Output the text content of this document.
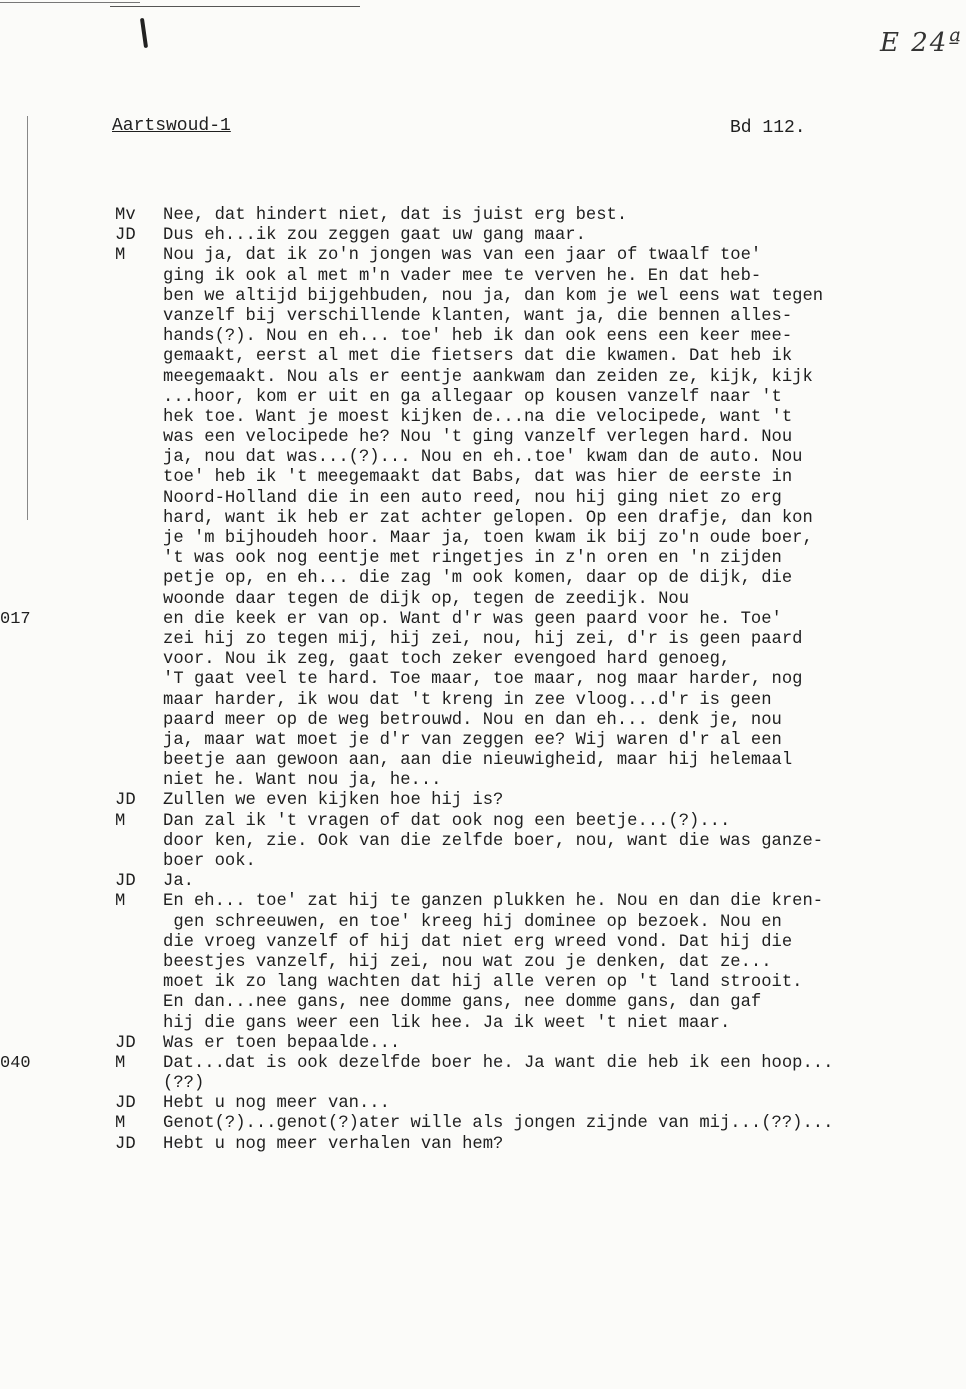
E 24ª
Aartswoud-1	Bd 112.
Mv	Nee, dat hindert niet, dat is juist erg best.
JD	Dus eh...ik zou zeggen gaat uw gang maar.
M	Nou ja, dat ik zo'n jongen was van een jaar of twaalf toe'
ging ik ook al met m'n vader mee te verven he. En dat heb-
ben we altijd bijgehbuden, nou ja, dan kom je wel eens wat tegen
vanzelf bij verschillende klanten, want ja, die bennen alles-
hands(?). Nou en eh... toe' heb ik dan ook eens een keer mee-
gemaakt, eerst al met die fietsers dat die kwamen. Dat heb ik
meegemaakt. Nou als er eentje aankwam dan zeiden ze, kijk, kijk
...hoor, kom er uit en ga allegaar op kousen vanzelf naar 't
hek toe. Want je moest kijken de...na die velocipede, want 't
was een velocipede he? Nou 't ging vanzelf verlegen hard. Nou
ja, nou dat was...(?)... Nou en eh..toe' kwam dan de auto. Nou
toe' heb ik 't meegemaakt dat Babs, dat was hier de eerste in
Noord-Holland die in een auto reed, nou hij ging niet zo erg
hard, want ik heb er zat achter gelopen. Op een drafje, dan kon
je 'm bijhoudeh hoor. Maar ja, toen kwam ik bij zo'n oude boer,
't was ook nog eentje met ringetjes in z'n oren en 'n zijden
petje op, en eh... die zag 'm ook komen, daar op de dijk, die
woonde daar tegen de dijk op, tegen de zeedijk. Nou
017	en die keek er van op. Want d'r was geen paard voor he. Toe'
zei hij zo tegen mij, hij zei, nou, hij zei, d'r is geen paard
voor. Nou ik zeg, gaat toch zeker evengoed hard genoeg,
'T gaat veel te hard. Toe maar, toe maar, nog maar harder, nog
maar harder, ik wou dat 't kreng in zee vloog...d'r is geen
paard meer op de weg betrouwd. Nou en dan eh... denk je, nou
ja, maar wat moet je d'r van zeggen ee? Wij waren d'r al een
beetje aan gewoon aan, aan die nieuwigheid, maar hij helemaal
niet he. Want nou ja, he...
JD	Zullen we even kijken hoe hij is?
M	Dan zal ik 't vragen of dat ook nog een beetje...(?)...
door ken, zie. Ook van die zelfde boer, nou, want die was ganze-
boer ook.
JD	Ja.
M	En eh... toe' zat hij te ganzen plukken he. Nou en dan die kren-
gen schreeuwen, en toe' kreeg hij dominee op bezoek. Nou en
die vroeg vanzelf of hij dat niet erg wreed vond. Dat hij die
beestjes vanzelf, hij zei, nou wat zou je denken, dat ze...
moet ik zo lang wachten dat hij alle veren op 't land strooit.
En dan...nee gans, nee domme gans, nee domme gans, dan gaf
hij die gans weer een lik hee. Ja ik weet 't niet maar.
JD	Was er toen bepaalde...
040	M	Dat...dat is ook dezelfde boer he. Ja want die heb ik een hoop...
(??)
JD	Hebt u nog meer van...
M	Genot(?)...genot(?)ater wille als jongen zijnde van mij...(??)...
JD	Hebt u nog meer verhalen van hem?
